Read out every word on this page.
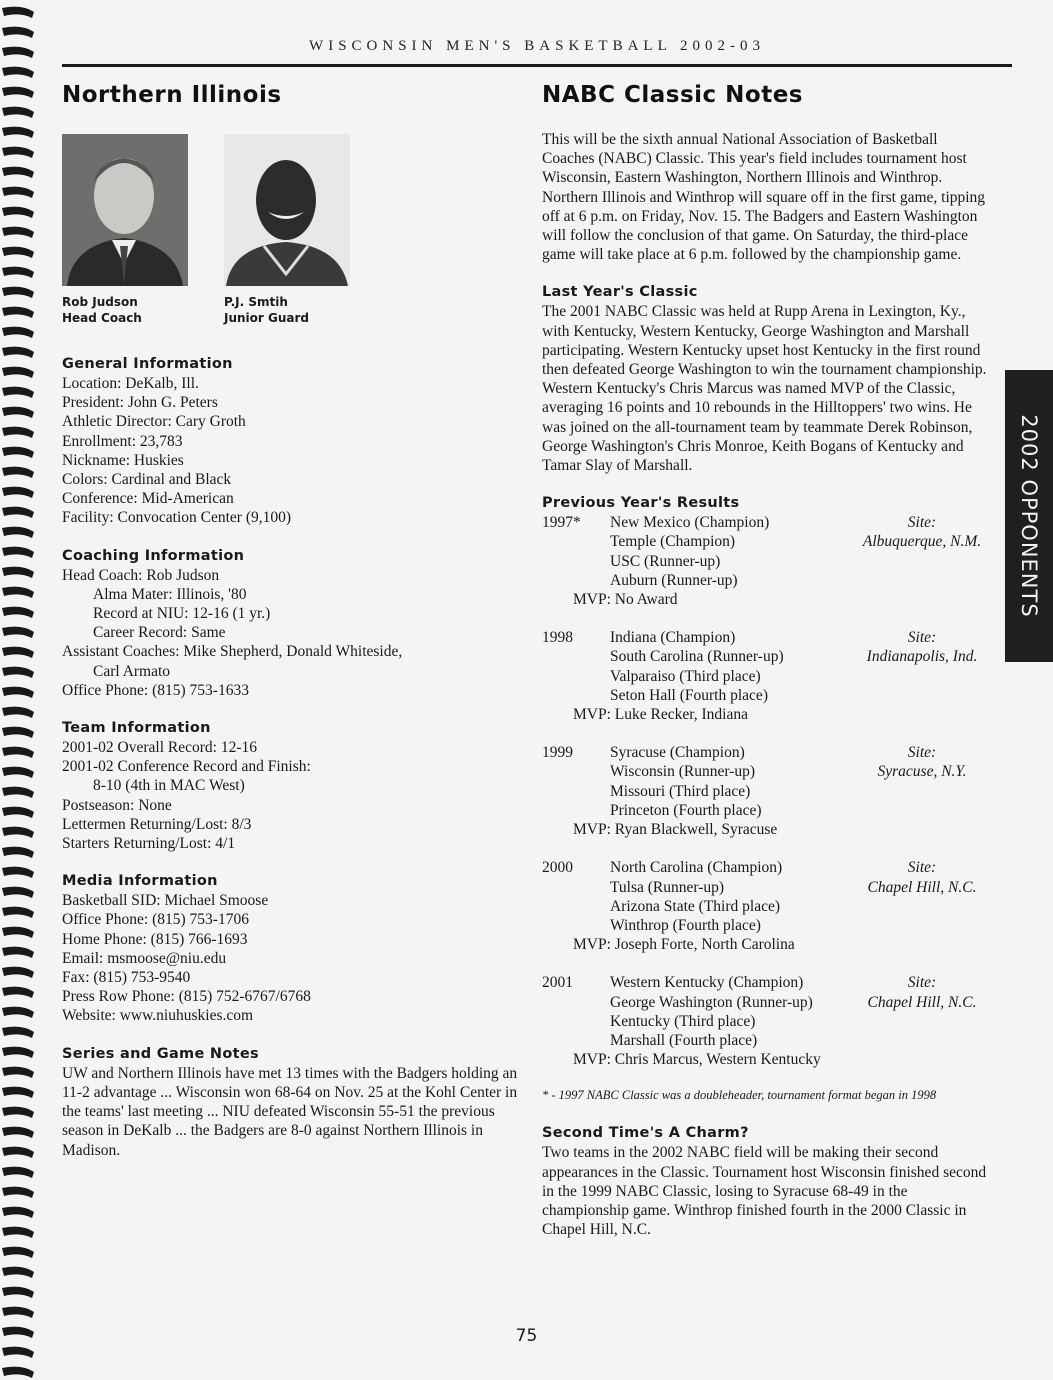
WISCONSIN MEN'S BASKETBALL 2002-03
Northern Illinois
Rob Judson
Head Coach
P.J. Smtih
Junior Guard
General Information
Location: DeKalb, Ill.
President: John G. Peters
Athletic Director: Cary Groth
Enrollment: 23,783
Nickname: Huskies
Colors: Cardinal and Black
Conference: Mid-American
Facility: Convocation Center (9,100)
Coaching Information
Head Coach: Rob Judson
Alma Mater: Illinois, '80
Record at NIU: 12-16 (1 yr.)
Career Record: Same
Assistant Coaches: Mike Shepherd, Donald Whiteside,
Carl Armato
Office Phone: (815) 753-1633
Team Information
2001-02 Overall Record: 12-16
2001-02 Conference Record and Finish:
8-10 (4th in MAC West)
Postseason: None
Lettermen Returning/Lost: 8/3
Starters Returning/Lost: 4/1
Media Information
Basketball SID: Michael Smoose
Office Phone: (815) 753-1706
Home Phone: (815) 766-1693
Email: msmoose@niu.edu
Fax: (815) 753-9540
Press Row Phone: (815) 752-6767/6768
Website: www.niuhuskies.com
Series and Game Notes

UW and Northern Illinois have met 13 times with the Badgers holding an 11-2 advantage ... Wisconsin won 68-64 on Nov. 25 at the Kohl Center in the teams' last meeting ... NIU defeated Wisconsin 55-51 the previous season in DeKalb ... the Badgers are 8-0 against Northern Illinois in Madison.

NABC Classic Notes

This will be the sixth annual National Association of Basketball Coaches (NABC) Classic. This year's field includes tournament host Wisconsin, Eastern Washington, Northern Illinois and Winthrop. Northern Illinois and Winthrop will square off in the first game, tipping off at 6 p.m. on Friday, Nov. 15. The Badgers and Eastern Washington will follow the conclusion of that game. On Saturday, the third-place game will take place at 6 p.m. followed by the championship game.

Last Year's Classic

The 2001 NABC Classic was held at Rupp Arena in Lexington, Ky., with Kentucky, Western Kentucky, George Washington and Marshall participating. Western Kentucky upset host Kentucky in the first round then defeated George Washington to win the tournament championship. Western Kentucky's Chris Marcus was named MVP of the Classic, averaging 16 points and 10 rebounds in the Hilltoppers' two wins. He was joined on the all-tournament team by teammate Derek Robinson, George Washington's Chris Monroe, Keith Bogans of Kentucky and Tamar Slay of Marshall.

Previous Year's Results
1997*	New Mexico (Champion)	Site:
Temple (Champion)	Albuquerque, N.M.
USC (Runner-up)
Auburn (Runner-up)
MVP: No Award
1998	Indiana (Champion)	Site:
South Carolina (Runner-up)	Indianapolis, Ind.
Valparaiso (Third place)
Seton Hall (Fourth place)
MVP: Luke Recker, Indiana
1999	Syracuse (Champion)	Site:
Wisconsin (Runner-up)	Syracuse, N.Y.
Missouri (Third place)
Princeton (Fourth place)
MVP: Ryan Blackwell, Syracuse
2000	North Carolina (Champion)	Site:
Tulsa (Runner-up)	Chapel Hill, N.C.
Arizona State (Third place)
Winthrop (Fourth place)
MVP: Joseph Forte, North Carolina
2001	Western Kentucky (Champion)	Site:
George Washington (Runner-up)	Chapel Hill, N.C.
Kentucky (Third place)
Marshall (Fourth place)
MVP: Chris Marcus, Western Kentucky
* - 1997 NABC Classic was a doubleheader, tournament format began in 1998
Second Time's A Charm?

Two teams in the 2002 NABC field will be making their second appearances in the Classic. Tournament host Wisconsin finished second in the 1999 NABC Classic, losing to Syracuse 68-49 in the championship game. Winthrop finished fourth in the 2000 Classic in Chapel Hill, N.C.

2002 OPPONENTS
75
